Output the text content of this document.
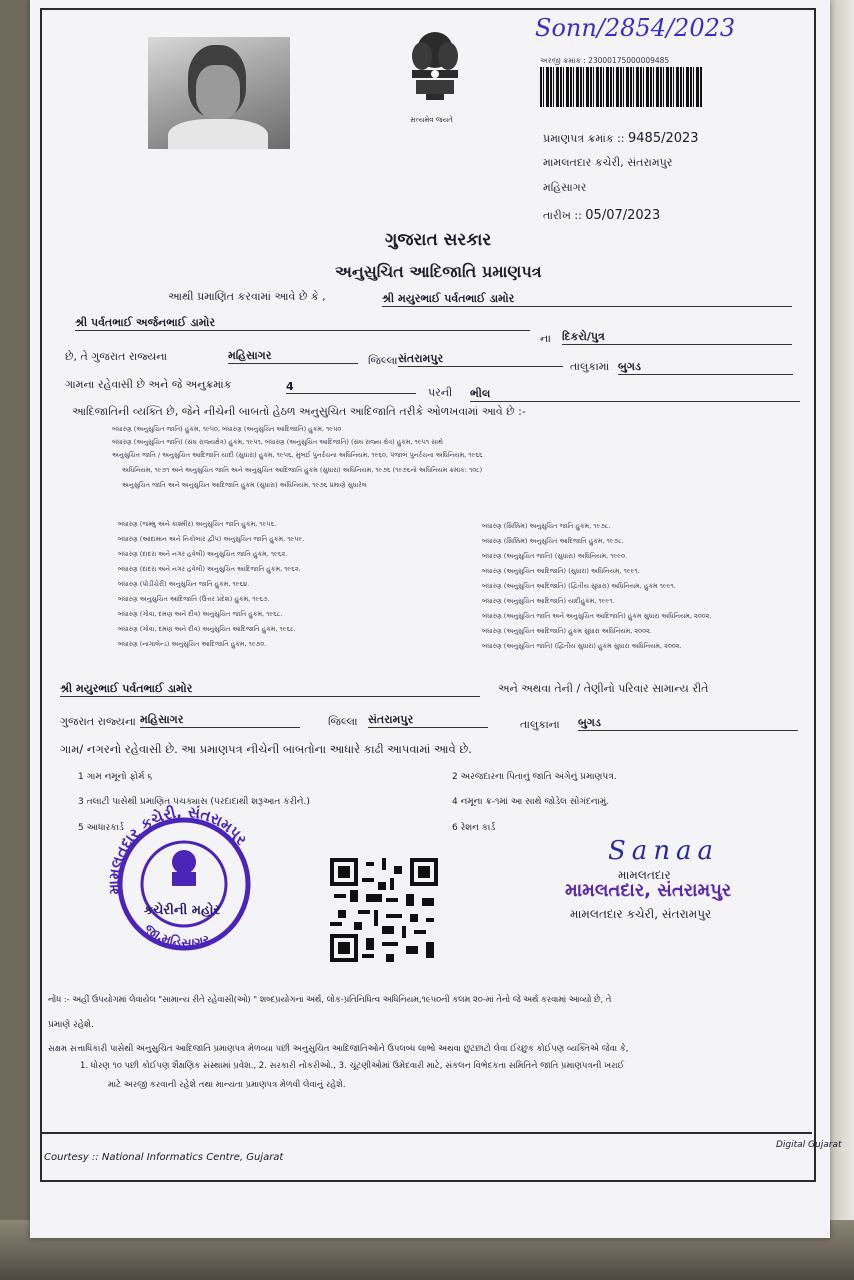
સત્યમેવ જયતે
Sonn/2854/2023
અરજી ક્રમાંક : 23000175000009485
પ્રમાણપત્ર ક્રમાંક :: 9485/2023
મામલતદાર કચેરી, સંતરામપુર
મહિસાગર
તારીખ :: 05/07/2023
ગુજરાત સરકાર
અનુસુચિત આદિજાતિ પ્રમાણપત્ર
આથી પ્રમાણિત કરવામાં આવે છે કે ,	શ્રી મયુરભાઈ પર્વતભાઈ ડામોર
શ્રી પર્વતભાઈ અર્જનભાઈ ડામોર
ના દિકરો/પુત્ર
છે, તે ગુજરાત રાજ્યના	મહિસાગર	જિલ્લા સંતરામપુર
તાલુકામાં બુગડ
ગામના રહેવાસી છે અને જે અનુક્રમાંક	4	પરની ભીલ
આદિજાતિની વ્યક્તિ છે, જેને નીચેની બાબતો હેઠળ અનુસુચિત આદિજાતિ તરીકે ઓળખવામાં આવે છે :-
બંધારણ (અનુસુચિત જાતિ) હુકમ, ૧૯૫૦, બંધારણ (અનુસુચિત આદિજાતિ) હુકમ, ૧૯૫૦
બંધારણ (અનુસુચિત જાતિ) (સંઘ રાજ્યક્ષેત્ર) હુકમ, ૧૯૫૧, બંધારણ (અનુસુચિત આદિજાતિ) (સંઘ રાજ્ય ક્ષેત્ર) હુકમ, ૧૯૫૧ સાથે
અનુસુચિત જાતિ / અનુસુચિત આદિજાતિ યાદી (સુધારા) હુકમ, ૧૯૫૬, મુંબઈ પુનર્રચના અધિનિયમ, ૧૯૬૦, પંજાબ પુનર્રચના અધિનિયમ, ૧૯૬૬
અધિનિયમ, ૧૯૭૧ અને અનુસુચિત જાતિ અને અનુસુચિત આદિજાતિ હુકમ (સુધારા) અધિનિયમ, ૧૯૭૬ (૧૯૭૬નો અધિનિયમ ક્રમાંક: ૧૦૮)
અનુસુચિત જાતિ અને અનુસુચિત આદિજાતિ હુકમ (સુધારા) અધિનિયમ, ૧૯૭૬ પ્રમાણે સુધારેલ
બંધારણ (જમ્મુ અને કાશ્મીર) અનુસુચિત જાતિ હુકમ, ૧૯૫૬.
બંધારણ (આંદામાન અને નિકોબાર દ્વીપ) અનુસુચિત જાતિ હુકમ, ૧૯૫૯.
બંધારણ (દાદરા અને નગર હવેલી) અનુસુચિત જાતિ હુકમ, ૧૯૬૨.
બંધારણ (દાદરા અને નગર હવેલી) અનુસુચિત આદિજાતિ હુકમ, ૧૯૬૨.
બંધારણ (પોંડીચેરી) અનુસુચિત જાતિ હુકમ, ૧૯૬૪.
બંધારણ અનુસુચિત આદિજાતિ (ઉત્તર પ્રદેશ) હુકમ, ૧૯૬૭.
બંધારણ (ગોવા, દમણ અને દીવ) અનુસુચિત જાતિ હુકમ, ૧૯૬૮.
બંધારણ (ગોવા, દમણ અને દીવ) અનુસુચિત આદિજાતિ હુકમ, ૧૯૬૮.
બંધારણ (નાગાલેન્ડ) અનુસુચિત આદિજાતિ હુકમ, ૧૯૭૦.
બંધારણ (સિક્કિમ) અનુસુચિત જાતિ હુકમ, ૧૯૭૮.
બંધારણ (સિક્કિમ) અનુસુચિત આદિજાતિ હુકમ, ૧૯૭૮.
બંધારણ (અનુસુચિત જાતિ) (સુધારા) અધિનિયમ, ૧૯૯૦.
બંધારણ (અનુસુચિત આદિજાતિ) (સુધારા) અધિનિયમ, ૧૯૯૧.
બંધારણ (અનુસુચિત આદિજાતિ) (દ્વિતીય સુધારા) અધિનિયમ, હુકમ ૧૯૯૧.
બંધારણ (અનુસુચિત આદિજાતિ) યાદીહુકમ, ૧૯૯૧.
બંધારણ (અનુસુચિત જાતિ અને અનુસુચિત આદિજાતિ) હુકમ સુધારા અધિનિયમ, ૨૦૦૨.
બંધારણ (અનુસુચિત આદિજાતિ) હુકમ સુધારા અધિનિયમ, ૨૦૦૨.
બંધારણ (અનુસુચિત જાતિ) (દ્વિતીય સુધારા) હુકમ સુધારા અધિનિયમ, ૨૦૦૨.
શ્રી મયુરભાઈ પર્વતભાઈ ડામોર	અને અથવા તેની / તેણીનો પરિવાર સામાન્ય રીતે
ગુજરાત રાજ્યના મહિસાગર	જિલ્લા સંતરામપુર	તાલુકાના બુગડ
ગામ/ નગરનો રહેવાસી છે. આ પ્રમાણપત્ર નીચેની બાબતોના આધારે કાઢી આપવામાં આવે છે.
1 ગામ નમૂનો ફોર્મ ૬	2 અરજદારના પિતાનું જાતિ અંગેનું પ્રમાણપત્ર.
3 તલાટી પાસેથી પ્રમાણિત પંચક્યાસ (પરદાદાથી શરૂઆત કરીને.)	4 નમૂના ક્ર-૧માં આ સાથે જોડેલ સોગંદનામું.
5 આધારકાર્ડ	6 રેશન કાર્ડ
મામલતદાર કચેરી, સંતરામપુર
જી.મહિસાગર
કચેરીની મહોર
Sanaa
મામલતદાર
મામલતદાર, સંતરામપુર
મામલતદાર કચેરી, સંતરામપુર
નોંધ :- અહીં ઉપયોગમાં લેવાયેલ "સામાન્ય રીતે રહેવાસી(ઓ) " શબ્દપ્રયોગના અર્થ, લોક-પ્રતિનિધિત્વ અધિનિયમ,૧૯૫૦ની કલમ ૨૦-માં તેનો જે અર્થ કરવામાં આવ્યો છે, તે
પ્રમાણે રહેશે.
સક્ષમ સત્તાધિકારી પાસેથી અનુસુચિત આદિજાતિ પ્રમાણપત્ર મેળવ્યા પછી અનુસુચિત આદિજાતિઓને ઉપલબ્ધ લાભો અથવા છુટછાટો લેવા ઈચ્છુક કોઈપણ વ્યક્તિએ જેવા કે,
1. ધોરણ ૧૦ પછી કોઈપણ શૈક્ષણિક સંસ્થામાં પ્રવેશ., 2. સરકારી નોકરીઓ., 3. ચૂંટણીઓમાં ઉમેદવારી માટે, સંકલન વિભેદકતા સમિતિને જાતિ પ્રમાણપત્રની ખરાઈ
માટે અરજી કરવાની રહેશે તથા માન્યતા પ્રમાણપત્ર મેળવી લેવાનું રહેશે.
Digital Gujarat
Courtesy :: National Informatics Centre, Gujarat
